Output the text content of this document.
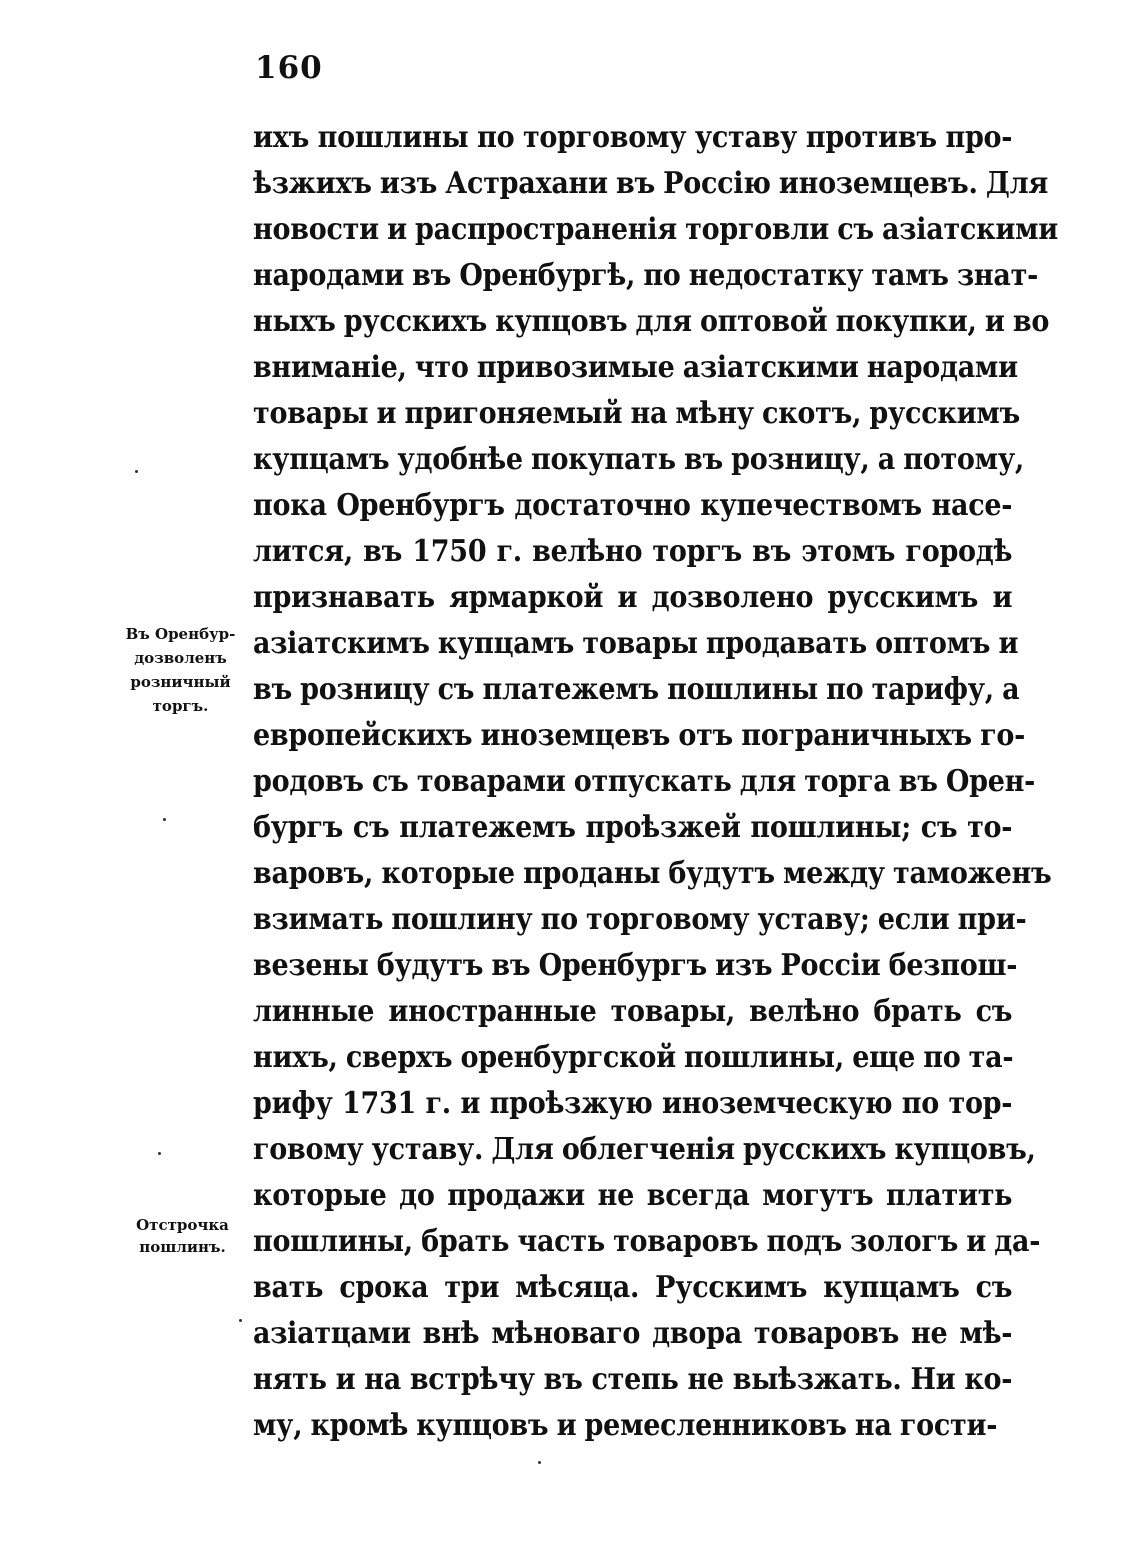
160
ихъ пошлины по торговому уставу противъ про-
ѣзжихъ изъ Астрахани въ Россію иноземцевъ. Для
новости и распространенія торговли съ азіатскими
народами въ Оренбургѣ, по недостатку тамъ знат-
ныхъ русскихъ купцовъ для оптовой покупки, и во
вниманіе, что привозимые азіатскими народами
товары и пригоняемый на мѣну скотъ, русскимъ
купцамъ удобнѣе покупать въ розницу, а потому,
пока Оренбургъ достаточно купечествомъ насе-
лится, въ 1750 г. велѣно торгъ въ этомъ городѣ
признавать ярмаркой и дозволено русскимъ и
азіатскимъ купцамъ товары продавать оптомъ и
въ розницу съ платежемъ пошлины по тарифу, а
европейскихъ иноземцевъ отъ пограничныхъ го-
родовъ съ товарами отпускать для торга въ Орен-
бургъ съ платежемъ проѣзжей пошлины; съ то-
варовъ, которые проданы будутъ между таможенъ
взимать пошлину по торговому уставу; если при-
везены будутъ въ Оренбургъ изъ Россіи безпош-
линные иностранные товары, велѣно брать съ
нихъ, сверхъ оренбургской пошлины, еще по та-
рифу 1731 г. и проѣзжую иноземческую по тор-
говому уставу. Для облегченія русскихъ купцовъ,
которые до продажи не всегда могутъ платить
пошлины, брать часть товаровъ подъ зологъ и да-
вать срока три мѣсяца. Русскимъ купцамъ съ
азіатцами внѣ мѣноваго двора товаровъ не мѣ-
нять и на встрѣчу въ степь не выѣзжать. Ни ко-
му, кромѣ купцовъ и ремесленниковъ на гости-
Въ Оренбур-
дозволенъ
розничный
торгъ.
Отстрочка
пошлинъ.
